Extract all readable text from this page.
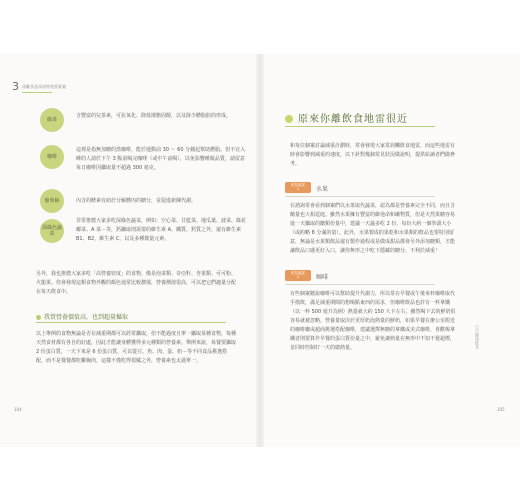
3 遠離食品添加物重要素養
綠茶
含豐富的兒茶素，可抗氧化、降低壞膽固醇，以及降少體脂肪的形成。
咖啡
這裡是指無加糖的黑咖啡，能於運動前 30 ～ 60 分鐘起幫助燃脂。但不宜入睡的人請於下午 3 點前喝完咖啡（或中午前喝），以免影響睡眠品質，請留意每日咖啡因攝取量不超過 300 毫克。
葡萄柚	內含的酵素有助於分解體內的糖分，並促進新陳代謝。
深綠色蔬菜
非常推薦大家多吃深綠色蔬菜，例如：空心菜、甘藍菜、地瓜葉、菠菜、綠花椰菜、A 菜⋯等，鈣攝取則需要的維生素 A、鐵質、鈣質之外，還有維生素 B1、B2，維生素 C，以及多種微量元素。
另外，我也推薦大家多吃「高營養密度」的食物，像是泡菜類、奇亞籽、杏果類、可可粉、火龍果。你會發現這類食物外觀的顏色通常比較濃郁，營養價值很高，可以把它們適量分配在每天飲食中。
我買營養價值高，也到超量攝取
以上舉例的食物無論是否在減重期都可以經常攝取，但不能過度且單一攝取某種食物，每種天然食材都有各自的好處，因此才能讓身體獲得多元種類的營養素。舉例來說，每餐要攝取 2 份蛋白質，一天下來是 6 份蛋白質，可以從豆、魚、肉、蛋、奶⋯等不同食品挑選搭配，而不是餐餐都吃雞胸肉，這樣不僅吃得很膩之外，營養素也太過單一。
104
原來你離飲食地雷很近
和每位個案討論減重計劃時，常會發現大家常誤觸飲食地雷，而這些地雷有時會影響到減重的速度，以下針對幾個常見狀況做說明，提供給讀者們做參考。
常見地雷
1	水果
在諮詢常會看到個案們以水果取代蔬菜，認為都是營養素完全不同，而且含醣量也大相逕庭。雖然水果擁有豐富的維他命和礦物質，但是天然果糖容易進一天攝取的醣類份量中，建議一天蔬多吃 2 份，每份大約一個拳頭大小（或約略 8 分滿的量）。此外，水果製成的果乾和水果類的飲品也要特別留意，無論是水果類飲品還有製作過程或是做成甜品都會另外添加糖類，才能讓飲品口感更好入口，讓你無形之中吃下隱藏的糖分，不利於減重！
常見地雷
2	咖啡
有些個案聽說咖啡可以幫助提升代謝力，所以常在早餐或午後來杯咖啡取代手搖飲，滿足減重期間的想喝點東西的需求，但咖啡飲品也許有一杯拿鐵（以一杯 500 毫升為例）熱量就大約 150 大卡左右，雖然喝下去的鮮奶很容易就被忽略，營養量取決於更厚奶泡熱量的鮮奶，如果早餐在辦公室附近的咖啡廳或超商挑選搭配咖啡，建議選擇無糖的拿鐵或美式咖啡，喜歡喝拿鐵者則要算作早餐的蛋白質份量之中，避免讓熱量在無形中不知不覺超標，並同時控制好一天的總熱量。	日日健康飲食
105
